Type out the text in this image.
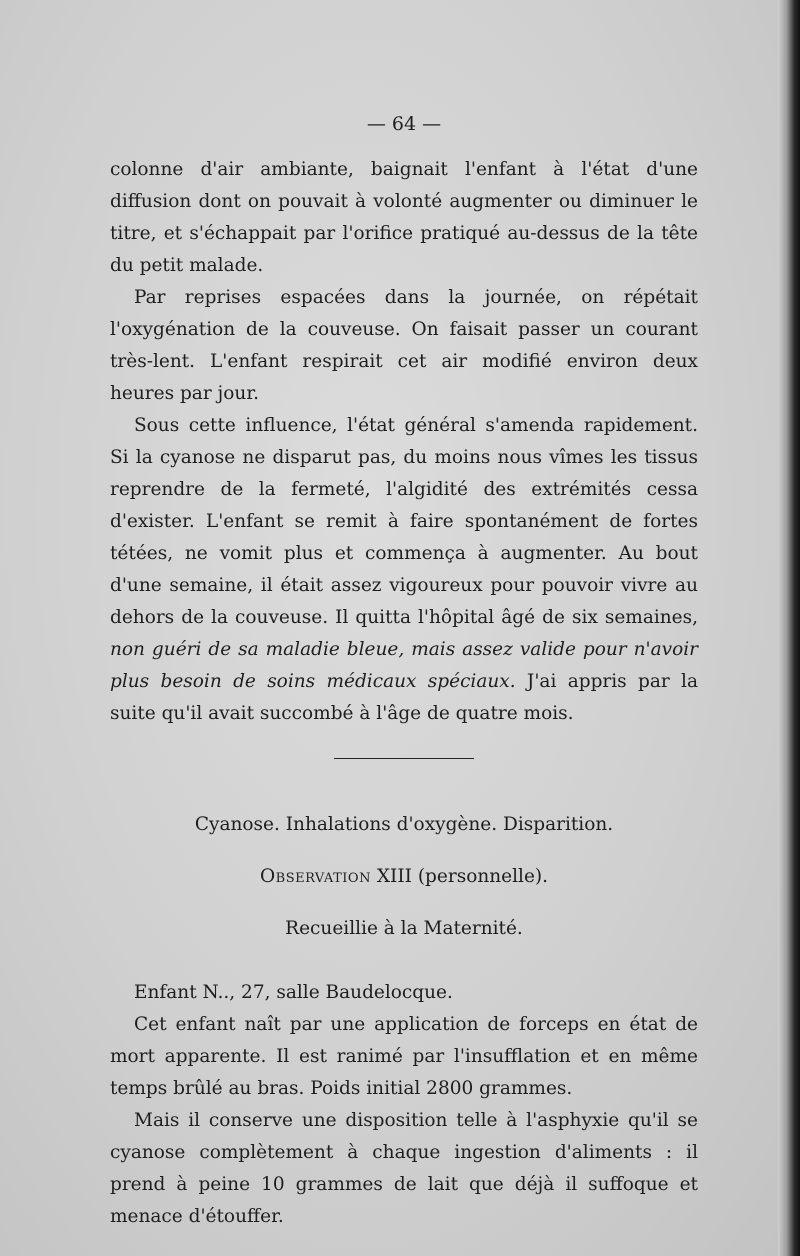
— 64 —

colonne d'air ambiante, baignait l'enfant à l'état d'une diffusion dont on pouvait à volonté augmenter ou diminuer le titre, et s'échappait par l'orifice pratiqué au-dessus de la tête du petit malade.

Par reprises espacées dans la journée, on répétait l'oxygénation de la couveuse. On faisait passer un courant très-lent. L'enfant respirait cet air modifié environ deux heures par jour.

Sous cette influence, l'état général s'amenda rapidement. Si la cyanose ne disparut pas, du moins nous vîmes les tissus reprendre de la fermeté, l'algidité des extrémités cessa d'exister. L'enfant se remit à faire spontanément de fortes tétées, ne vomit plus et commença à augmenter. Au bout d'une semaine, il était assez vigoureux pour pouvoir vivre au dehors de la couveuse. Il quitta l'hôpital âgé de six semaines, non guéri de sa maladie bleue, mais assez valide pour n'avoir plus besoin de soins médicaux spéciaux. J'ai appris par la suite qu'il avait succombé à l'âge de quatre mois.

Cyanose. Inhalations d'oxygène. Disparition.

Observation XIII (personnelle).

Recueillie à la Maternité.

Enfant N.., 27, salle Baudelocque.

Cet enfant naît par une application de forceps en état de mort apparente. Il est ranimé par l'insufflation et en même temps brûlé au bras. Poids initial 2800 grammes.

Mais il conserve une disposition telle à l'asphyxie qu'il se cyanose complètement à chaque ingestion d'aliments : il prend à peine 10 grammes de lait que déjà il suffoque et menace d'étouffer.
